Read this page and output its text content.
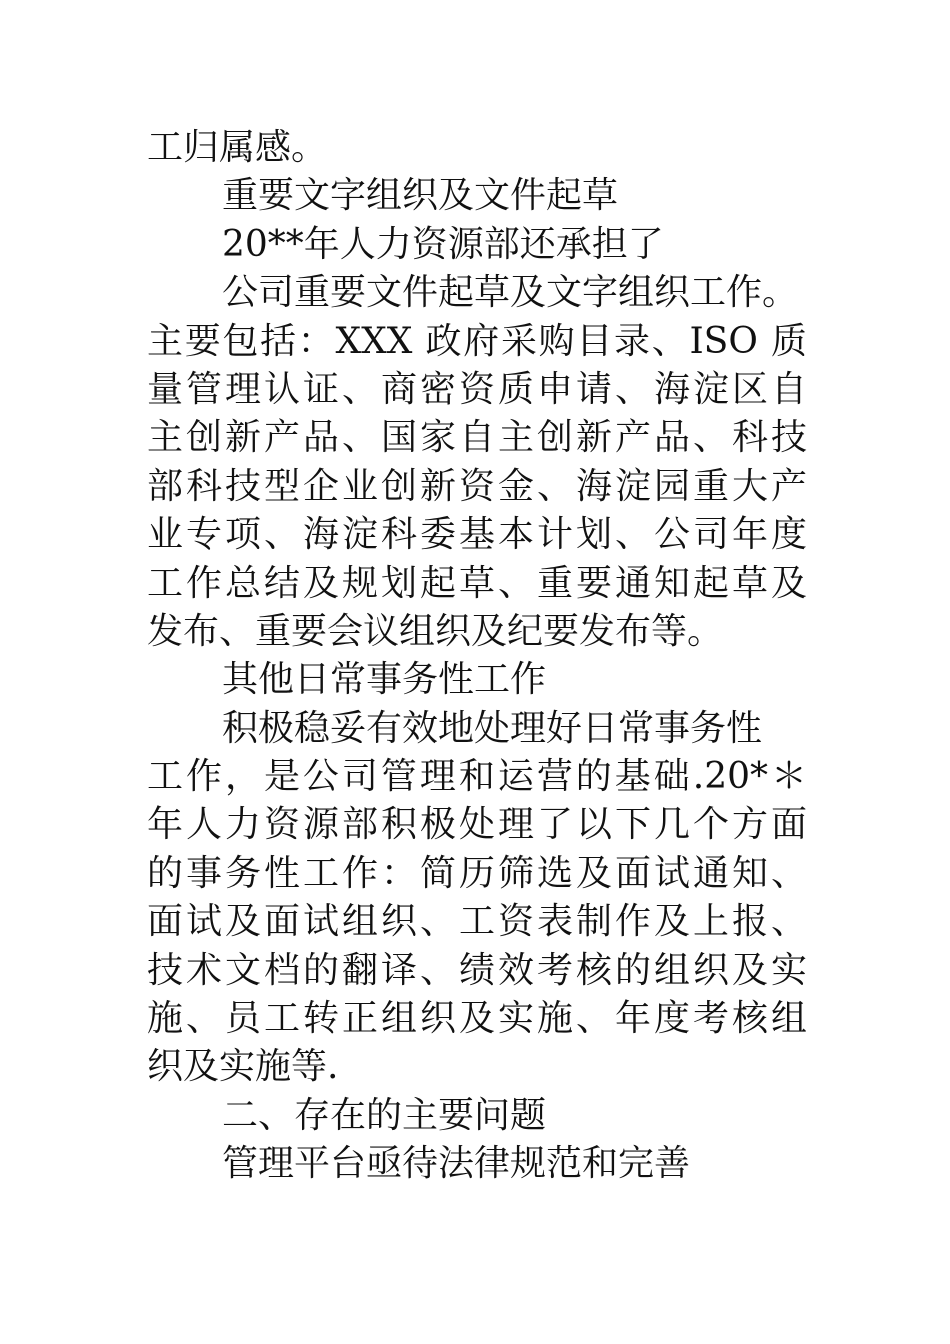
工归属感。
重要文字组织及文件起草
20**年人力资源部还承担了
公司重要文件起草及文字组织工作。
主要包括：XXX 政府采购目录、ISO 质
量管理认证、商密资质申请、海淀区自
主创新产品、国家自主创新产品、科技
部科技型企业创新资金、海淀园重大产
业专项、海淀科委基本计划、公司年度
工作总结及规划起草、重要通知起草及
发布、重要会议组织及纪要发布等。
其他日常事务性工作
积极稳妥有效地处理好日常事务性
工作，是公司管理和运营的基础.20*＊
年人力资源部积极处理了以下几个方面
的事务性工作：简历筛选及面试通知、
面试及面试组织、工资表制作及上报、
技术文档的翻译、绩效考核的组织及实
施、员工转正组织及实施、年度考核组
织及实施等.
二、存在的主要问题
管理平台亟待法律规范和完善
